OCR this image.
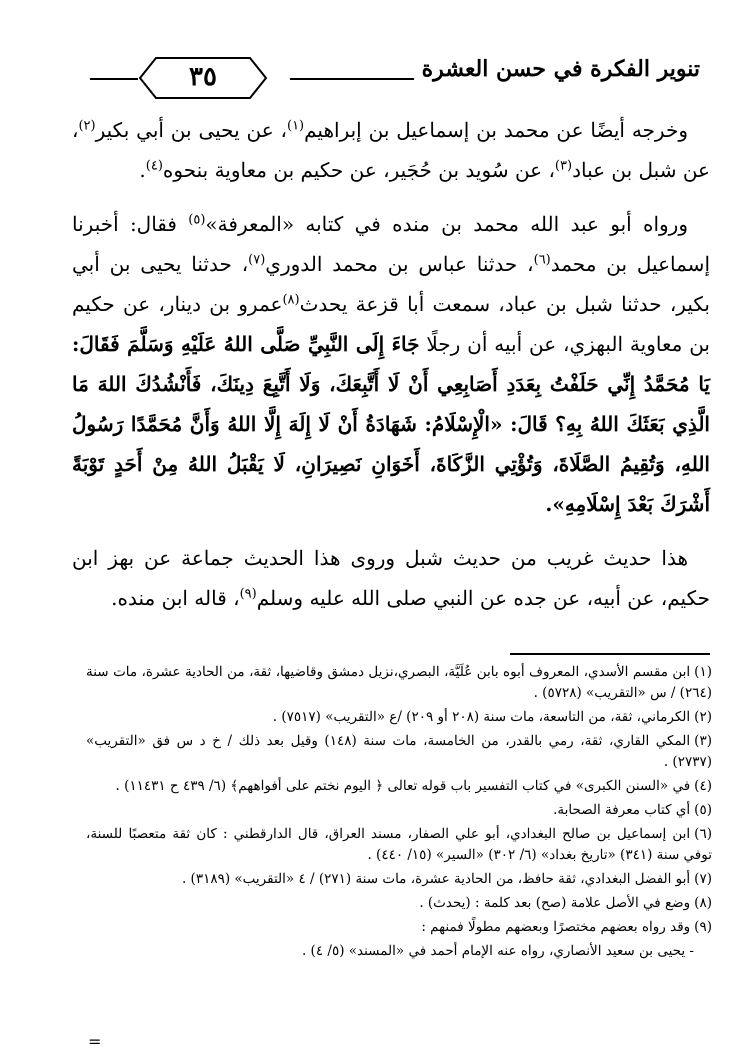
٣٥	تنوير الفكرة في حسن العشرة

وخرجه أيضًا عن محمد بن إسماعيل بن إبراهيم$^{(١)}$، عن يحيى بن أبي بكير$^{(٢)}$، عن شبل بن عباد$^{(٣)}$، عن سُويد بن حُجَير، عن حكيم بن معاوية بنحوه$^{(٤)}$.

ورواه أبو عبد الله محمد بن منده في كتابه «المعرفة»$^{(٥)}$ فقال: أخبرنا إسماعيل بن محمد$^{(٦)}$، حدثنا عباس بن محمد الدوري$^{(٧)}$، حدثنا يحيى بن أبي بكير، حدثنا شبل بن عباد، سمعت أبا قزعة يحدث$^{(٨)}$عمرو بن دينار، عن حكيم بن معاوية البهزي، عن أبيه أن رجلًا جَاءَ إِلَى النَّبِيِّ صَلَّى اللهُ عَلَيْهِ وَسَلَّمَ فَقَالَ: يَا مُحَمَّدُ إِنِّي حَلَفْتُ بِعَدَدِ أَصَابِعِي أَنْ لَا أَتَّبِعَكَ، وَلَا أَتَّبِعَ دِينَكَ، فَأَنْشُدُكَ اللهَ مَا الَّذِي بَعَثَكَ اللهُ بِهِ؟ قَالَ: «الْإِسْلَامُ: شَهَادَةُ أَنْ لَا إِلَهَ إِلَّا اللهُ وَأَنَّ مُحَمَّدًا رَسُولُ اللهِ، وَتُقِيمُ الصَّلَاةَ، وَتُؤْتِي الزَّكَاةَ، أَخَوَانِ نَصِيرَانِ، لَا يَقْبَلُ اللهُ مِنْ أَحَدٍ تَوْبَةً أَشْرَكَ بَعْدَ إِسْلَامِهِ».

هذا حديث غريب من حديث شبل وروى هذا الحديث جماعة عن بهز ابن حكيم، عن أبيه، عن جده عن النبي صلى الله عليه وسلم$^{(٩)}$، قاله ابن منده.

(١)ابن مقسم الأسدي، المعروف أبوه بابن عُلَيَّة، البصري،نزيل دمشق وقاضيها، ثقة، من الحادية عشرة، مات سنة (٢٦٤) / س «التقريب» (٥٧٢٨) .

(٢)الكرماني، ثقة، من التاسعة، مات سنة (٢٠٨ أو ٢٠٩) /ع «التقريب» (٧٥١٧) .

(٣)المكي القاري، ثقة، رمي بالقدر، من الخامسة، مات سنة (١٤٨) وقيل بعد ذلك / خ د س فق «التقريب» (٢٧٣٧) .

(٤)في «السنن الكبرى» في كتاب التفسير باب قوله تعالى ﴿ اليوم نختم على أفواههم﴾ (٦/ ٤٣٩ ح ١١٤٣١) .

(٥)أي كتاب معرفة الصحابة.

(٦)ابن إسماعيل بن صالح البغدادي، أبو علي الصفار، مسند العراق، قال الدارقطني : كان ثقة متعصبًا للسنة، توفي سنة (٣٤١) «تاريخ بغداد» (٦/ ٣٠٢) «السير» (١٥/ ٤٤٠) .

(٧)أبو الفضل البغدادي، ثقة حافظ، من الحادية عشرة، مات سنة (٢٧١) / ٤ «التقريب» (٣١٨٩) .

(٨)وضع في الأصل علامة (صح) بعد كلمة : (يحدث) .

(٩)وقد رواه بعضهم مختصرًا وبعضهم مطولًا فمنهم :

- يحيى بن سعيد الأنصاري، رواه عنه الإمام أحمد في «المسند» (٥/ ٤) .
=
